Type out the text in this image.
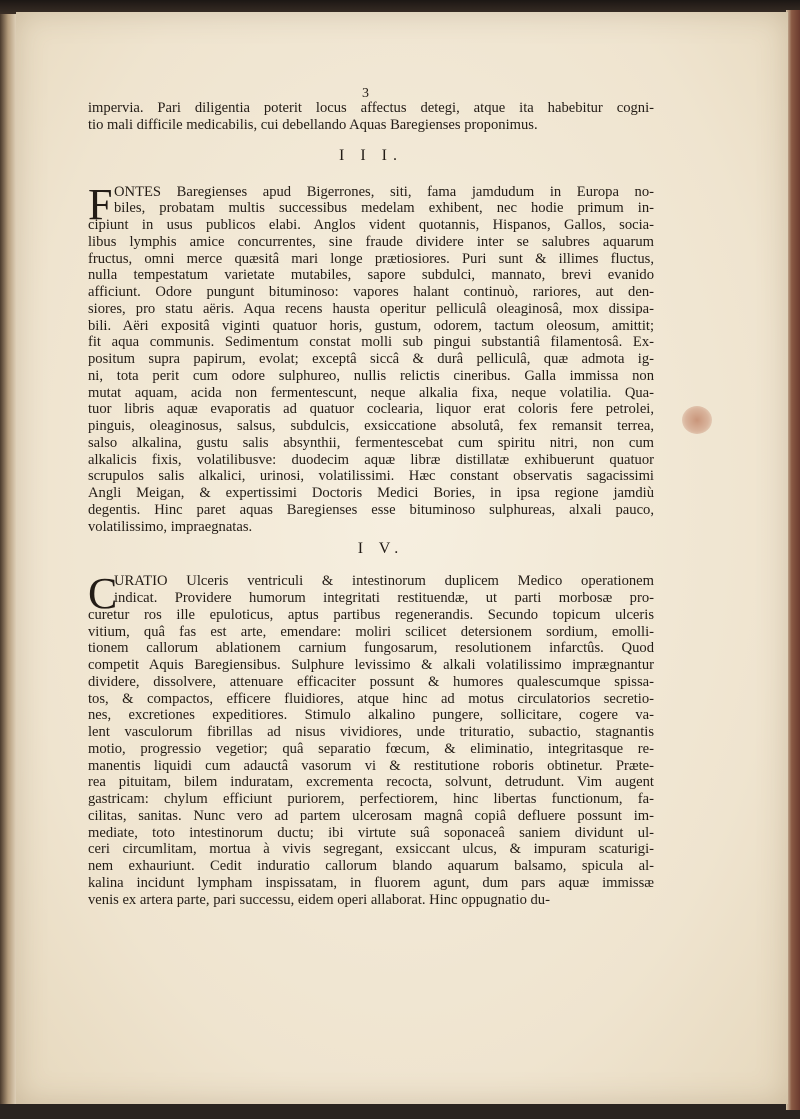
3
impervia. Pari diligentia poterit locus affectus detegi, atque ita habebitur cogni-
tio mali difficile medicabilis, cui debellando Aquas Baregienses proponimus.
I I I.
F ONTES Baregienses apud Bigerrones, siti, fama jamdudum in Europa no-
biles, probatam multis successibus medelam exhibent, nec hodie primum in-
cipiunt in usus publicos elabi. Anglos vident quotannis, Hispanos, Gallos, socia-
libus lymphis amice concurrentes, sine fraude dividere inter se salubres aquarum
fructus, omni merce quæsitâ mari longe prætiosiores. Puri sunt & illimes fluctus,
nulla tempestatum varietate mutabiles, sapore subdulci, mannato, brevi evanido
afficiunt. Odore pungunt bituminoso: vapores halant continuò, rariores, aut den-
siores, pro statu aëris. Aqua recens hausta operitur pelliculâ oleaginosâ, mox dissipa-
bili. Aëri expositâ viginti quatuor horis, gustum, odorem, tactum oleosum, amittit;
fit aqua communis. Sedimentum constat molli sub pingui substantiâ filamentosâ. Ex-
positum supra papirum, evolat; exceptâ siccâ & durâ pelliculâ, quæ admota ig-
ni, tota perit cum odore sulphureo, nullis relictis cineribus. Galla immissa non
mutat aquam, acida non fermentescunt, neque alkalia fixa, neque volatilia. Qua-
tuor libris aquæ evaporatis ad quatuor coclearia, liquor erat coloris fere petrolei,
pinguis, oleaginosus, salsus, subdulcis, exsiccatione absolutâ, fex remansit terrea,
salso alkalina, gustu salis absynthii, fermentescebat cum spiritu nitri, non cum
alkalicis fixis, volatilibusve: duodecim aquæ libræ distillatæ exhibuerunt quatuor
scrupulos salis alkalici, urinosi, volatilissimi. Hæc constant observatis sagacissimi
Angli Meigan, & expertissimi Doctoris Medici Bories, in ipsa regione jamdiù
degentis. Hinc paret aquas Baregienses esse bituminoso sulphureas, alxali pauco,
volatilissimo, impraegnatas.
I V.
C
URATIO Ulceris ventriculi & intestinorum duplicem Medico operationem
indicat. Providere humorum integritati restituendæ, ut parti morbosæ pro-
curetur ros ille epuloticus, aptus partibus regenerandis. Secundo topicum ulceris
vitium, quâ fas est arte, emendare: moliri scilicet detersionem sordium, emolli-
tionem callorum ablationem carnium fungosarum, resolutionem infarctûs. Quod
competit Aquis Baregiensibus. Sulphure levissimo & alkali volatilissimo imprægnantur
dividere, dissolvere, attenuare efficaciter possunt & humores qualescumque spissa-
tos, & compactos, efficere fluidiores, atque hinc ad motus circulatorios secretio-
nes, excretiones expeditiores. Stimulo alkalino pungere, sollicitare, cogere va-
lent vasculorum fibrillas ad nisus vividiores, unde trituratio, subactio, stagnantis
motio, progressio vegetior; quâ separatio fœcum, & eliminatio, integritasque re-
manentis liquidi cum adauctâ vasorum vi & restitutione roboris obtinetur. Præte-
rea pituitam, bilem induratam, excrementa recocta, solvunt, detrudunt. Vim augent
gastricam: chylum efficiunt puriorem, perfectiorem, hinc libertas functionum, fa-
cilitas, sanitas. Nunc vero ad partem ulcerosam magnâ copiâ defluere possunt im-
mediate, toto intestinorum ductu; ibi virtute suâ soponaceâ saniem dividunt ul-
ceri circumlitam, mortua à vivis segregant, exsiccant ulcus, & impuram scaturigi-
nem exhauriunt. Cedit induratio callorum blando aquarum balsamo, spicula al-
kalina incidunt lympham inspissatam, in fluorem agunt, dum pars aquæ immissæ
venis ex artera parte, pari successu, eidem operi allaborat. Hinc oppugnatio du-
